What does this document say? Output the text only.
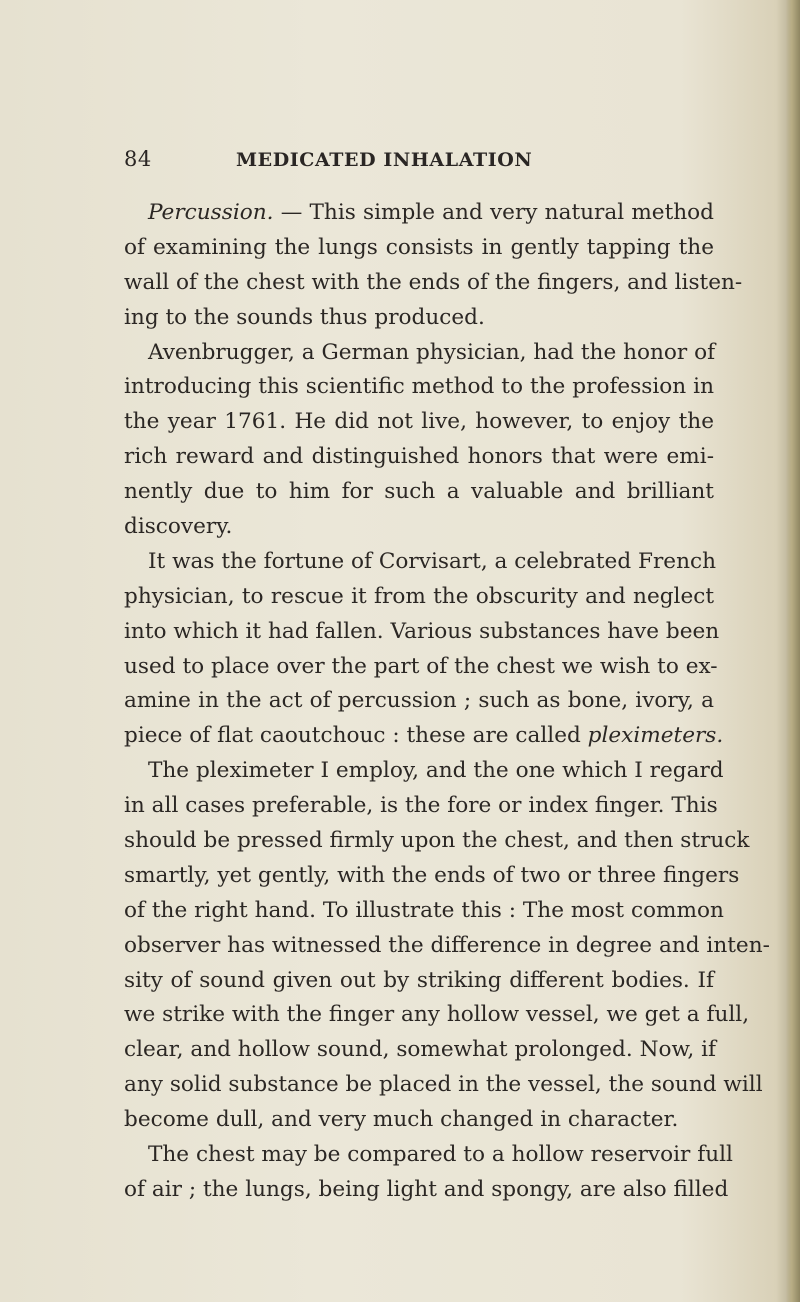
84	MEDICATED INHALATION
Percussion. — This simple and very natural method
of examining the lungs consists in gently tapping the
wall of the chest with the ends of the fingers, and listen-
ing to the sounds thus produced.
Avenbrugger, a German physician, had the honor of
introducing this scientific method to the profession in
the year 1761. He did not live, however, to enjoy the
rich reward and distinguished honors that were emi-
nently due to him for such a valuable and brilliant
discovery.
It was the fortune of Corvisart, a celebrated French
physician, to rescue it from the obscurity and neglect
into which it had fallen. Various substances have been
used to place over the part of the chest we wish to ex-
amine in the act of percussion ; such as bone, ivory, a
piece of flat caoutchouc : these are called pleximeters.
The pleximeter I employ, and the one which I regard
in all cases preferable, is the fore or index finger. This
should be pressed firmly upon the chest, and then struck
smartly, yet gently, with the ends of two or three fingers
of the right hand. To illustrate this : The most common
observer has witnessed the difference in degree and inten-
sity of sound given out by striking different bodies. If
we strike with the finger any hollow vessel, we get a full,
clear, and hollow sound, somewhat prolonged. Now, if
any solid substance be placed in the vessel, the sound will
become dull, and very much changed in character.
The chest may be compared to a hollow reservoir full
of air ; the lungs, being light and spongy, are also filled
